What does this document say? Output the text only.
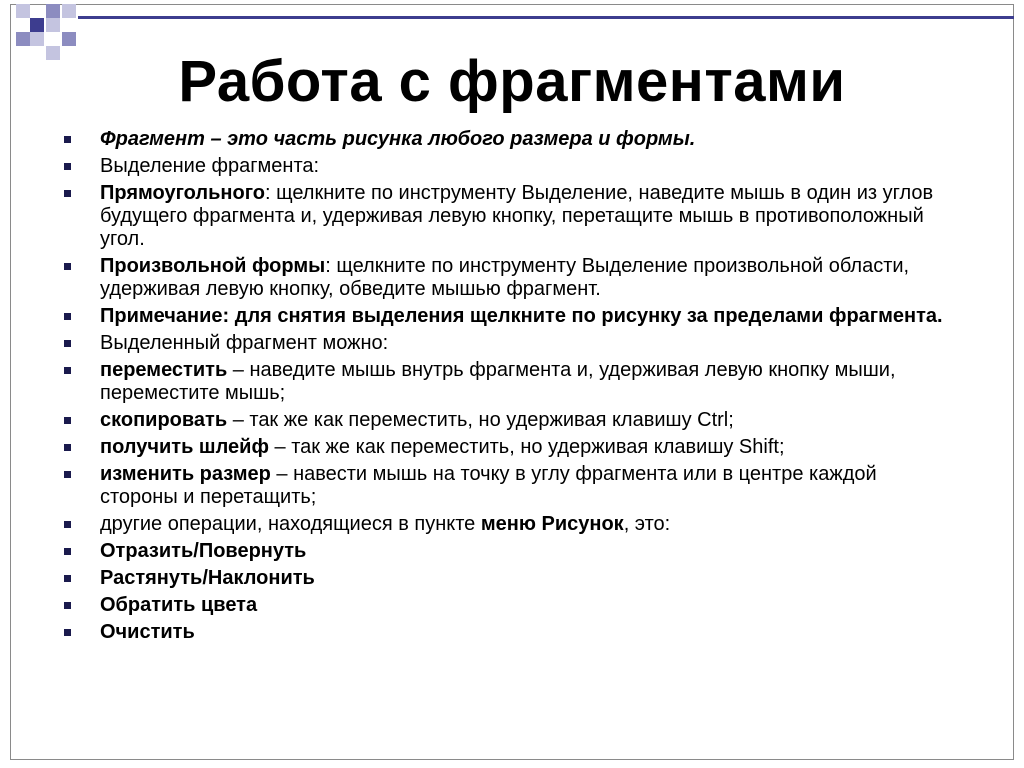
Работа с фрагментами
Фрагмент – это часть рисунка любого размера и формы.
Выделение фрагмента:
Прямоугольного: щелкните по инструменту Выделение, наведите мышь в один из углов будущего фрагмента и, удерживая левую кнопку, перетащите мышь в противоположный угол.
Произвольной формы: щелкните по инструменту Выделение произвольной области, удерживая левую кнопку, обведите мышью фрагмент.
Примечание: для снятия выделения щелкните по рисунку за пределами фрагмента.
Выделенный фрагмент можно:
переместить – наведите мышь внутрь фрагмента и, удерживая левую кнопку мыши, переместите мышь;
скопировать – так же как переместить, но удерживая клавишу Ctrl;
получить шлейф – так же как переместить, но удерживая клавишу Shift;
изменить размер – навести мышь на точку в углу фрагмента или в центре каждой стороны и перетащить;
другие операции, находящиеся в пункте меню Рисунок, это:
Отразить/Повернуть
Растянуть/Наклонить
Обратить цвета
Очистить
